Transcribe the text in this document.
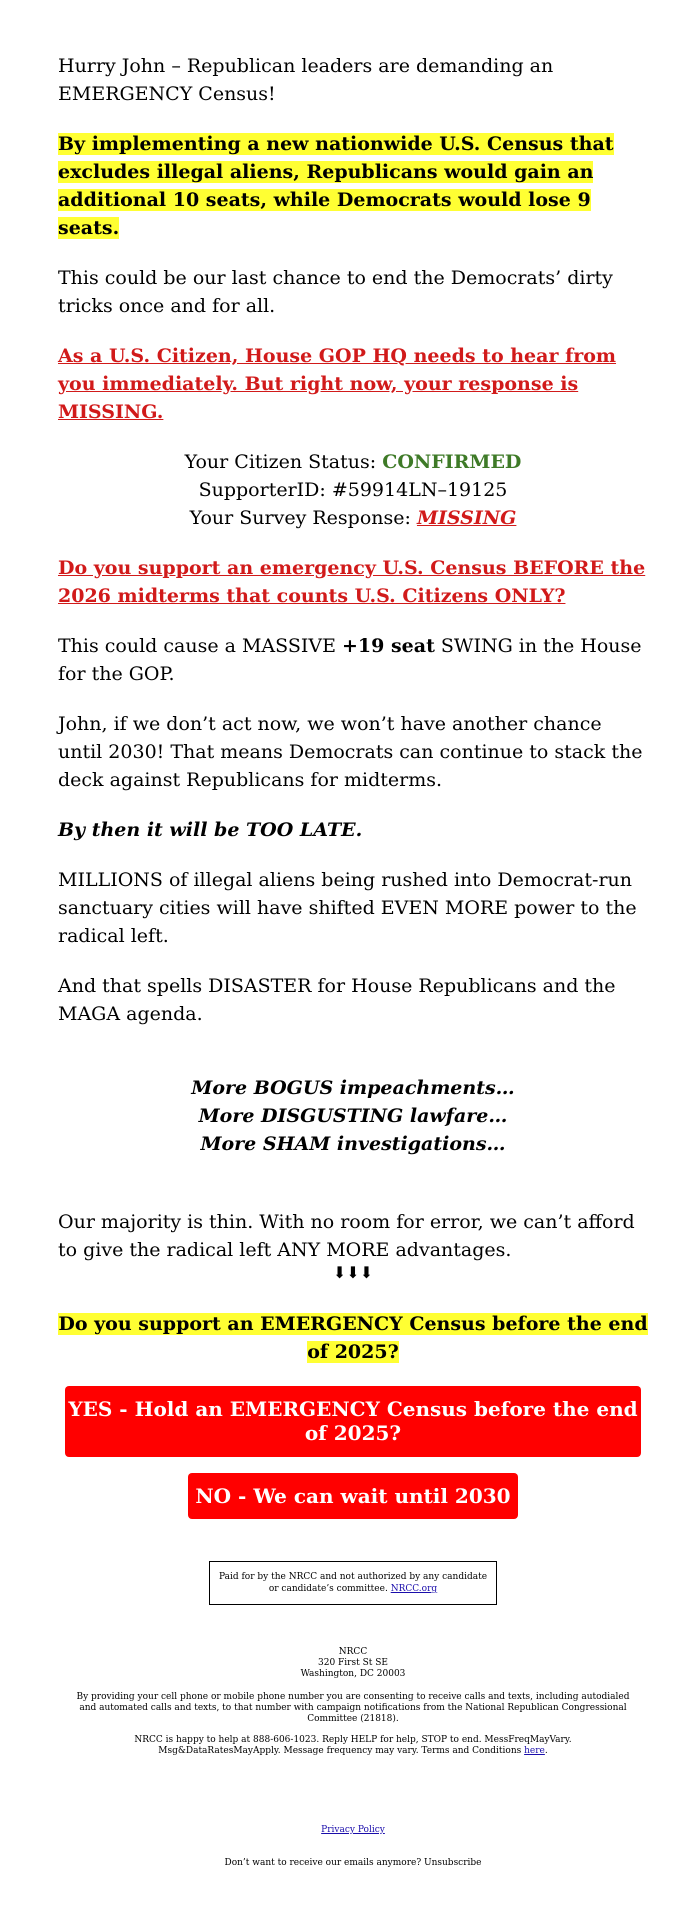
Hurry John – Republican leaders are demanding an EMERGENCY Census!

By implementing a new nationwide U.S. Census that excludes illegal aliens, Republicans would gain an additional 10 seats, while Democrats would lose 9 seats.

This could be our last chance to end the Democrats’ dirty tricks once and for all.

As a U.S. Citizen, House GOP HQ needs to hear from you immediately. But right now, your response is MISSING.

Your Citizen Status: CONFIRMED

SupporterID: #59914LN–19125

Your Survey Response: MISSING

Do you support an emergency U.S. Census BEFORE the 2026 midterms that counts U.S. Citizens ONLY?

This could cause a MASSIVE +19 seat SWING in the House for the GOP.

John, if we don’t act now, we won’t have another chance until 2030! That means Democrats can continue to stack the deck against Republicans for midterms.

By then it will be TOO LATE.

MILLIONS of illegal aliens being rushed into Democrat-run sanctuary cities will have shifted EVEN MORE power to the radical left.

And that spells DISASTER for House Republicans and the MAGA agenda.

More BOGUS impeachments…

More DISGUSTING lawfare…

More SHAM investigations…

Our majority is thin. With no room for error, we can’t afford to give the radical left ANY MORE advantages.

⬇⬇⬇

Do you support an EMERGENCY Census before the end of 2025?

YES - Hold an EMERGENCY Census before the end of 2025?
NO - We can wait until 2030
Paid for by the NRCC and not authorized by any candidate or candidate’s committee. NRCC.org
NRCC
320 First St SE
Washington, DC 20003
By providing your cell phone or mobile phone number you are consenting to receive calls and texts, including autodialed and automated calls and texts, to that number with campaign notifications from the National Republican Congressional Committee (21818).
NRCC is happy to help at 888-606-1023. Reply HELP for help, STOP to end. MessFreqMayVary. Msg&DataRatesMayApply. Message frequency may vary. Terms and Conditions here.
Privacy Policy
Don’t want to receive our emails anymore? Unsubscribe
